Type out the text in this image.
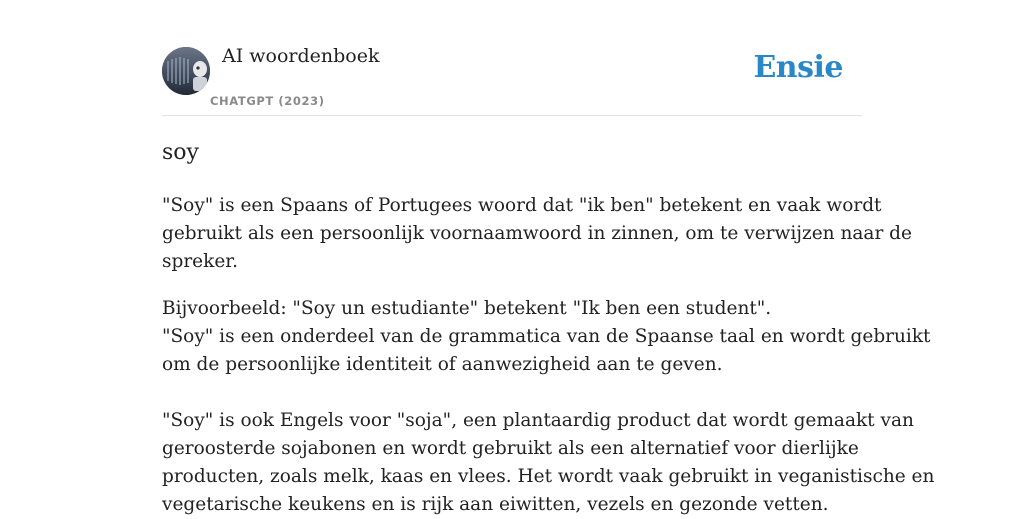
AI woordenboek
CHATGPT (2023)
Ensie
soy

"Soy" is een Spaans of Portugees woord dat "ik ben" betekent en vaak wordt
gebruikt als een persoonlijk voornaamwoord in zinnen, om te verwijzen naar de
spreker.

Bijvoorbeeld: "Soy un estudiante" betekent "Ik ben een student".
"Soy" is een onderdeel van de grammatica van de Spaanse taal en wordt gebruikt
om de persoonlijke identiteit of aanwezigheid aan te geven.

"Soy" is ook Engels voor "soja", een plantaardig product dat wordt gemaakt van
geroosterde sojabonen en wordt gebruikt als een alternatief voor dierlijke
producten, zoals melk, kaas en vlees. Het wordt vaak gebruikt in veganistische en
vegetarische keukens en is rijk aan eiwitten, vezels en gezonde vetten.
